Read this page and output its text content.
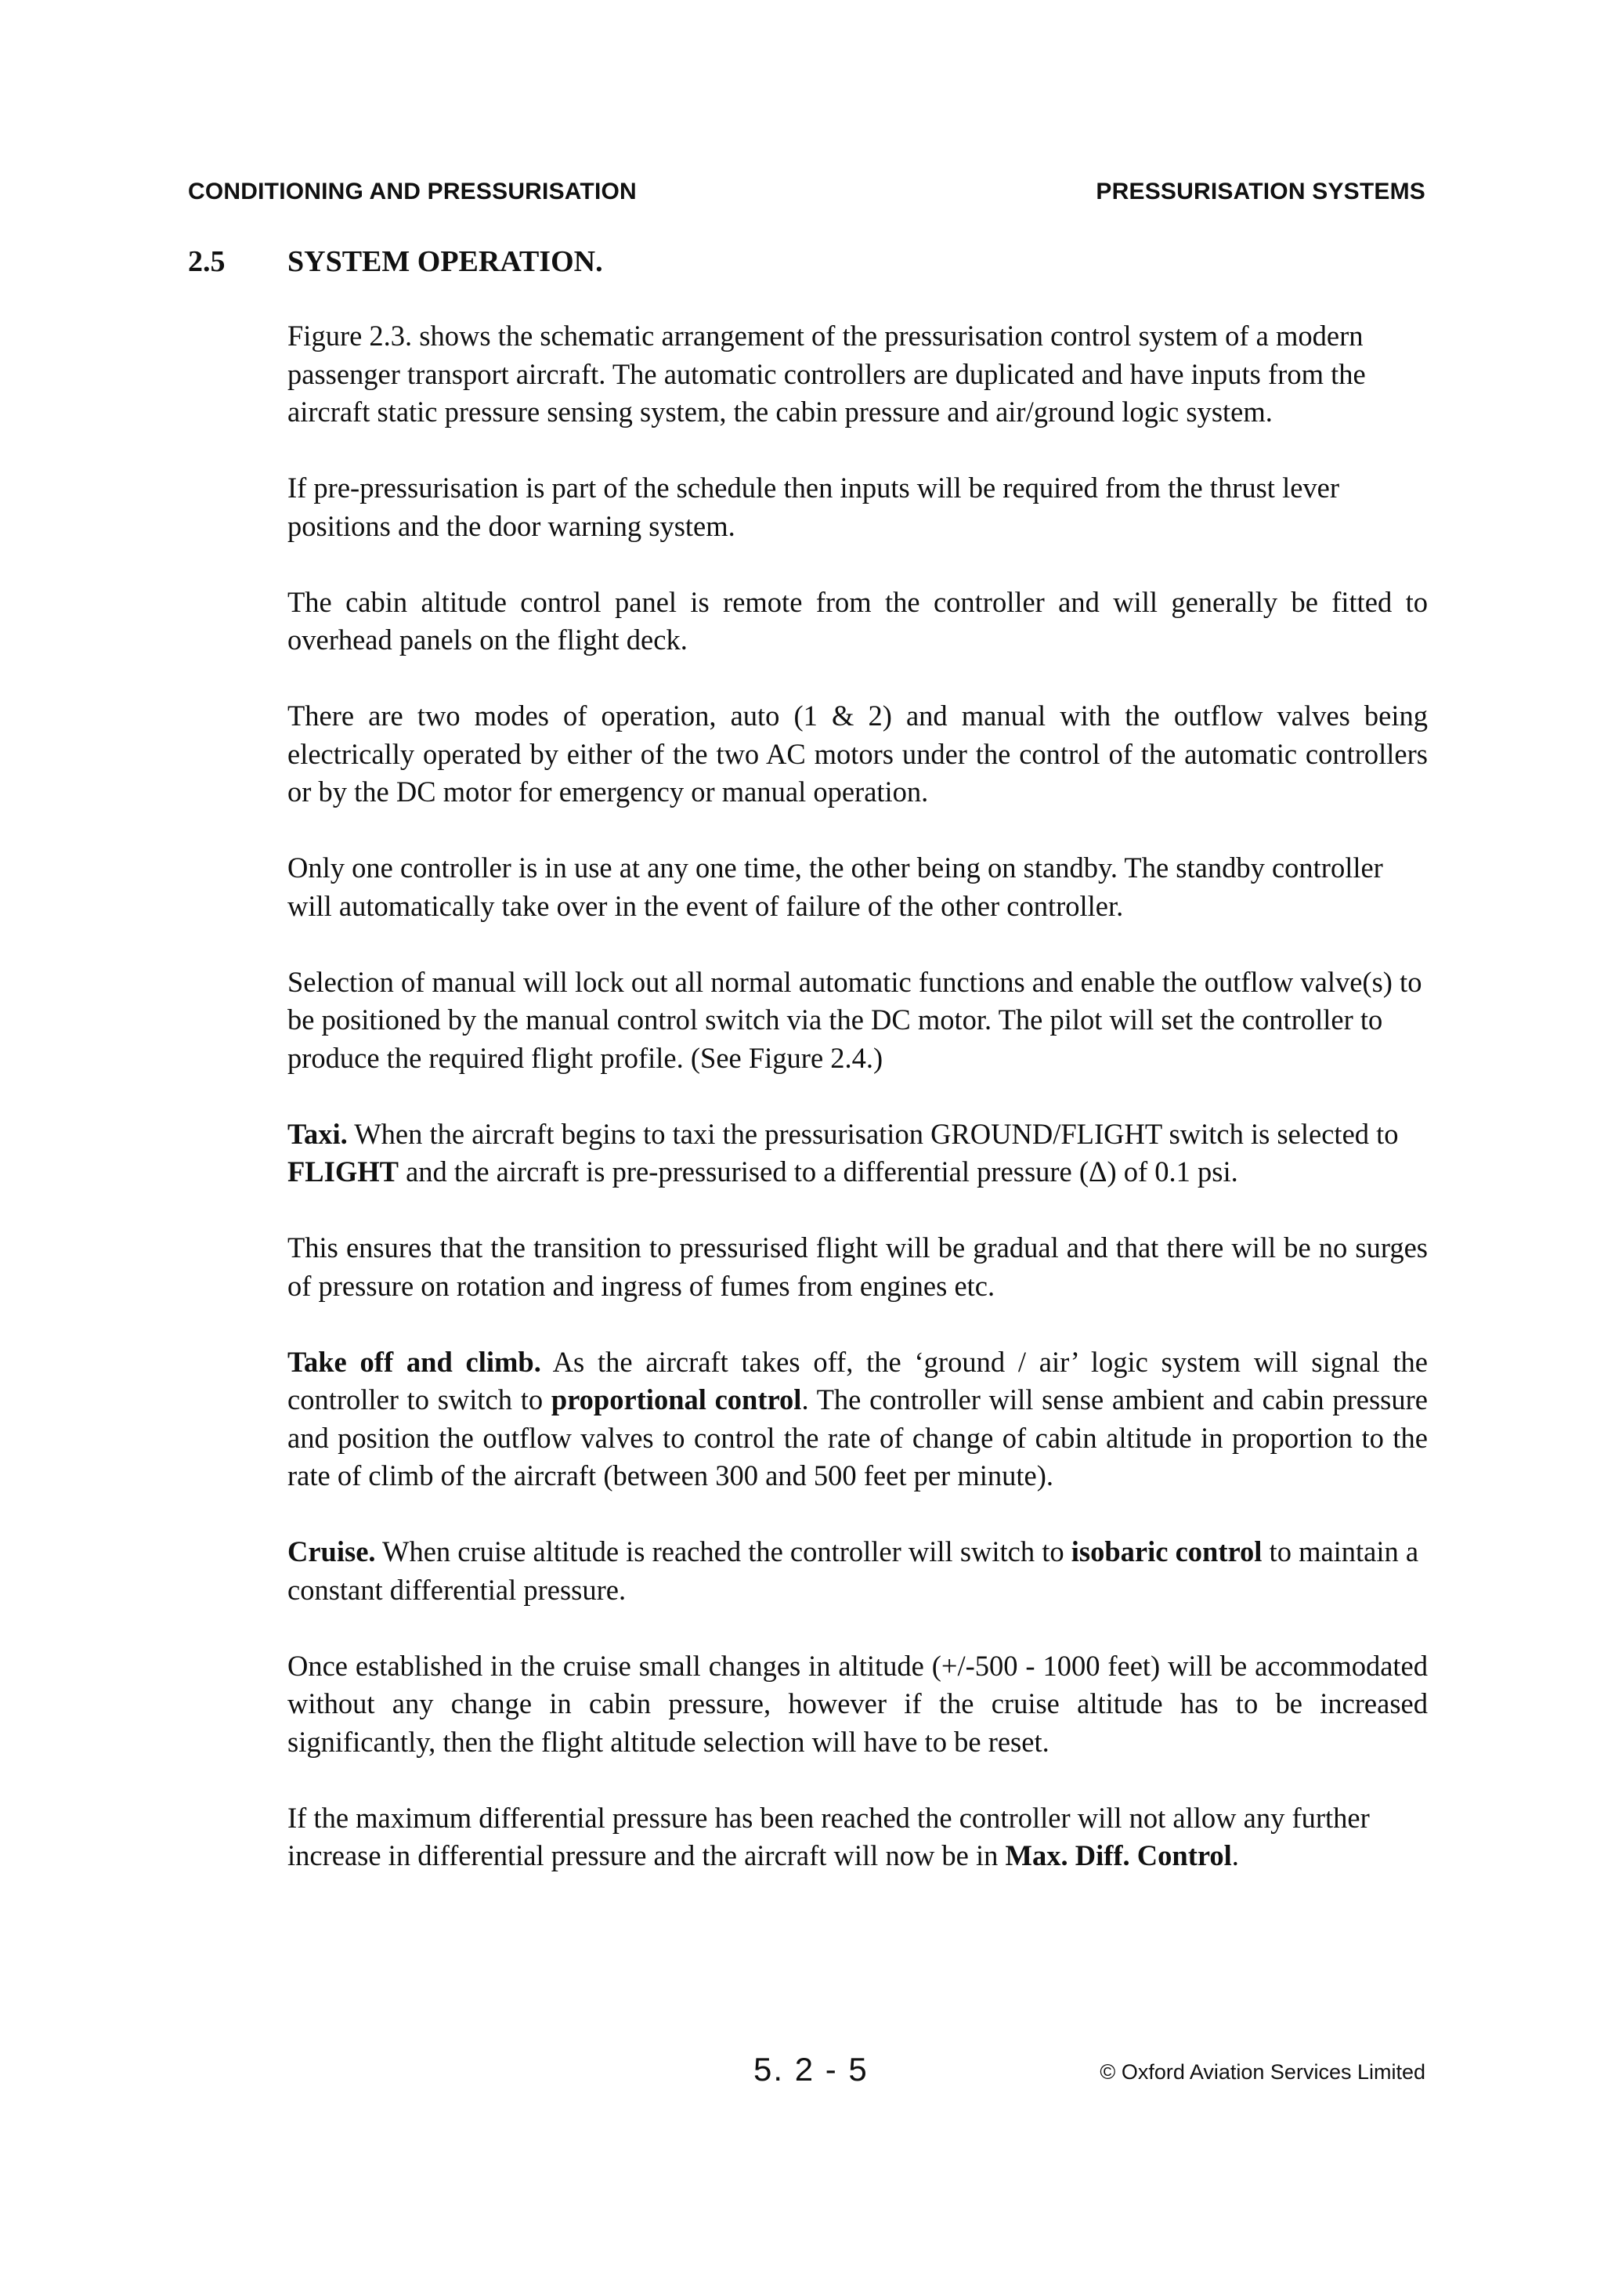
CONDITIONING AND PRESSURISATION	PRESSURISATION SYSTEMS
2.5 SYSTEM OPERATION.

Figure 2.3. shows the schematic arrangement of the pressurisation control system of a modern passenger transport aircraft. The automatic controllers are duplicated and have inputs from the aircraft static pressure sensing system, the cabin pressure and air/ground logic system.

If pre-pressurisation is part of the schedule then inputs will be required from the thrust lever positions and the door warning system.

The cabin altitude control panel is remote from the controller and will generally be fitted to overhead panels on the flight deck.

There are two modes of operation, auto (1 & 2) and manual with the outflow valves being electrically operated by either of the two AC motors under the control of the automatic controllers or by the DC motor for emergency or manual operation.

Only one controller is in use at any one time, the other being on standby. The standby controller will automatically take over in the event of failure of the other controller.

Selection of manual will lock out all normal automatic functions and enable the outflow valve(s) to be positioned by the manual control switch via the DC motor. The pilot will set the controller to produce the required flight profile. (See Figure 2.4.)

Taxi. When the aircraft begins to taxi the pressurisation GROUND/FLIGHT switch is selected to FLIGHT and the aircraft is pre-pressurised to a differential pressure (Δ) of 0.1 psi.

This ensures that the transition to pressurised flight will be gradual and that there will be no surges of pressure on rotation and ingress of fumes from engines etc.

Take off and climb. As the aircraft takes off, the ‘ground / air’ logic system will signal the controller to switch to proportional control. The controller will sense ambient and cabin pressure and position the outflow valves to control the rate of change of cabin altitude in proportion to the rate of climb of the aircraft (between 300 and 500 feet per minute).

Cruise. When cruise altitude is reached the controller will switch to isobaric control to maintain a constant differential pressure.

Once established in the cruise small changes in altitude (+/-500 - 1000 feet) will be accommodated without any change in cabin pressure, however if the cruise altitude has to be increased significantly, then the flight altitude selection will have to be reset.

If the maximum differential pressure has been reached the controller will not allow any further increase in differential pressure and the aircraft will now be in Max. Diff. Control.

5. 2 - 5	© Oxford Aviation Services Limited
